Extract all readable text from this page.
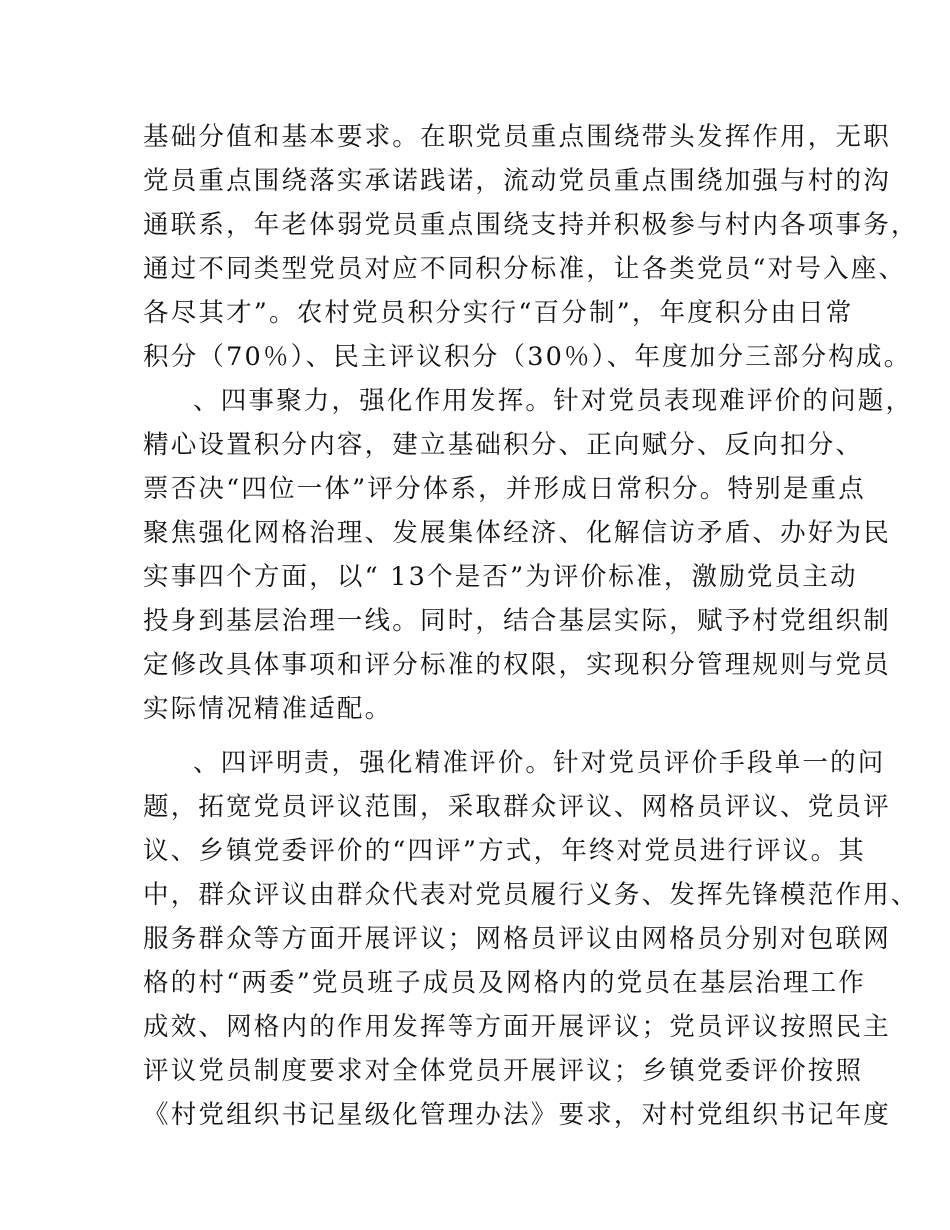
基础分值和基本要求。在职党员重点围绕带头发挥作用，无职

党员重点围绕落实承诺践诺，流动党员重点围绕加强与村的沟

通联系，年老体弱党员重点围绕支持并积极参与村内各项事务，

通过不同类型党员对应不同积分标准，让各类党员“对号入座、

各尽其才”。农村党员积分实行“百分制”，年度积分由日常

积分（70％）、民主评议积分（30％）、年度加分三部分构成。

、四事聚力，强化作用发挥。针对党员表现难评价的问题，

精心设置积分内容，建立基础积分、正向赋分、反向扣分、

票否决“四位一体”评分体系，并形成日常积分。特别是重点

聚焦强化网格治理、发展集体经济、化解信访矛盾、办好为民

实事四个方面，以“ 13个是否”为评价标准，激励党员主动

投身到基层治理一线。同时，结合基层实际，赋予村党组织制

定修改具体事项和评分标准的权限，实现积分管理规则与党员

实际情况精准适配。

、四评明责，强化精准评价。针对党员评价手段单一的问

题，拓宽党员评议范围，采取群众评议、网格员评议、党员评

议、乡镇党委评价的“四评”方式，年终对党员进行评议。其

中，群众评议由群众代表对党员履行义务、发挥先锋模范作用、

服务群众等方面开展评议；网格员评议由网格员分别对包联网

格的村“两委”党员班子成员及网格内的党员在基层治理工作

成效、网格内的作用发挥等方面开展评议；党员评议按照民主

评议党员制度要求对全体党员开展评议；乡镇党委评价按照

《村党组织书记星级化管理办法》要求，对村党组织书记年度
